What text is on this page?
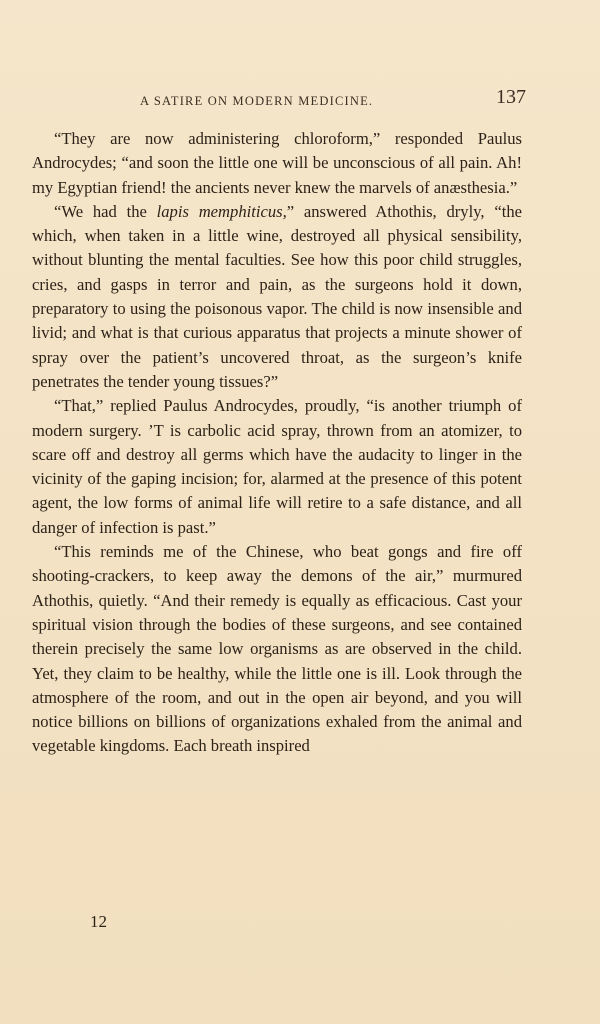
A SATIRE ON MODERN MEDICINE.	137

“They are now administering chloroform,” responded Paulus Androcydes; “and soon the little one will be unconscious of all pain. Ah! my Egyptian friend! the ancients never knew the marvels of anæsthesia.”

“We had the lapis memphiticus,” answered Athothis, dryly, “the which, when taken in a little wine, destroyed all physical sensibility, without blunting the mental faculties. See how this poor child struggles, cries, and gasps in terror and pain, as the surgeons hold it down, preparatory to using the poisonous vapor. The child is now insensible and livid; and what is that curious apparatus that projects a minute shower of spray over the patient’s uncovered throat, as the surgeon’s knife penetrates the tender young tissues?”

“That,” replied Paulus Androcydes, proudly, “is another triumph of modern surgery. ’T is carbolic acid spray, thrown from an atomizer, to scare off and destroy all germs which have the audacity to linger in the vicinity of the gaping incision; for, alarmed at the presence of this potent agent, the low forms of animal life will retire to a safe distance, and all danger of infection is past.”

“This reminds me of the Chinese, who beat gongs and fire off shooting-crackers, to keep away the demons of the air,” murmured Athothis, quietly. “And their remedy is equally as efficacious. Cast your spiritual vision through the bodies of these surgeons, and see contained therein precisely the same low organisms as are observed in the child. Yet, they claim to be healthy, while the little one is ill. Look through the atmosphere of the room, and out in the open air beyond, and you will notice billions on billions of organizations exhaled from the animal and vegetable kingdoms. Each breath inspired

12
